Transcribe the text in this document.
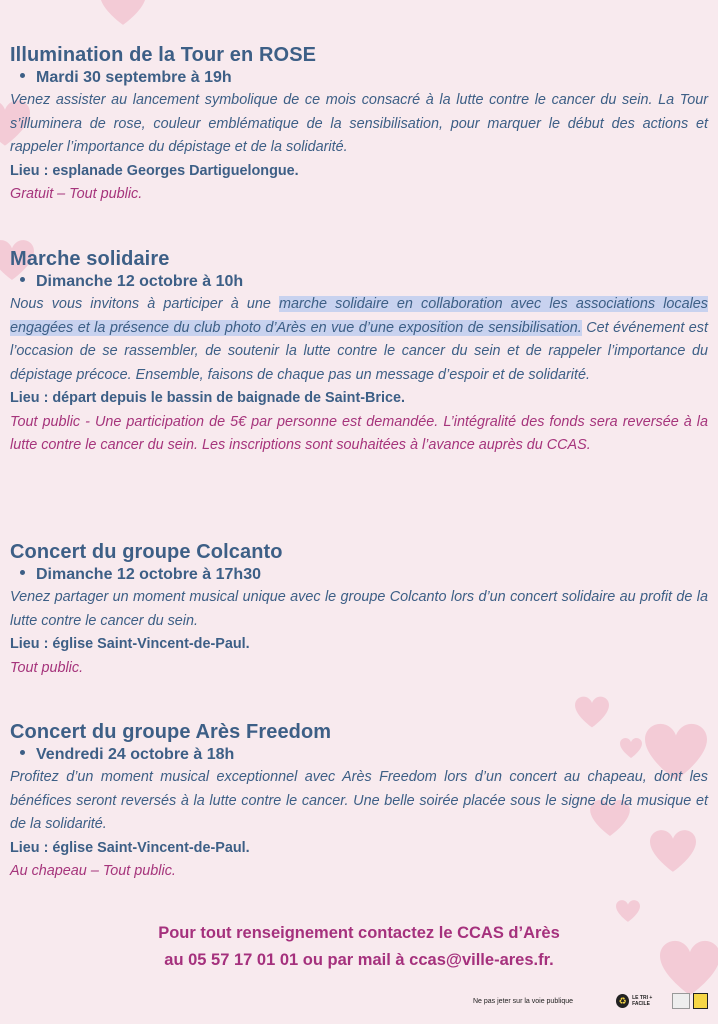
Illumination de la Tour en ROSE
Mardi 30 septembre à 19h

Venez assister au lancement symbolique de ce mois consacré à la lutte contre le cancer du sein. La Tour s’illuminera de rose, couleur emblématique de la sensibilisation, pour marquer le début des actions et rappeler l’importance du dépistage et de la solidarité.

Lieu : esplanade Georges Dartiguelongue.

Gratuit – Tout public.

Marche solidaire
Dimanche 12 octobre à 10h

Nous vous invitons à participer à une marche solidaire en collaboration avec les associations locales engagées et la présence du club photo d’Arès en vue d’une exposition de sensibilisation. Cet événement est l’occasion de se rassembler, de soutenir la lutte contre le cancer du sein et de rappeler l’importance du dépistage précoce. Ensemble, faisons de chaque pas un message d’espoir et de solidarité.

Lieu : départ depuis le bassin de baignade de Saint-Brice.

Tout public - Une participation de 5€ par personne est demandée. L’intégralité des fonds sera reversée à la lutte contre le cancer du sein. Les inscriptions sont souhaitées à l’avance auprès du CCAS.

Concert du groupe Colcanto
Dimanche 12 octobre à 17h30

Venez partager un moment musical unique avec le groupe Colcanto lors d’un concert solidaire au profit de la lutte contre le cancer du sein.

Lieu : église Saint-Vincent-de-Paul.

Tout public.

Concert du groupe Arès Freedom
Vendredi 24 octobre à 18h

Profitez d’un moment musical exceptionnel avec Arès Freedom lors d’un concert au chapeau, dont les bénéfices seront reversés à la lutte contre le cancer. Une belle soirée placée sous le signe de la musique et de la solidarité.

Lieu : église Saint-Vincent-de-Paul.

Au chapeau – Tout public.

Pour tout renseignement contactez le CCAS d’Arès
au 05 57 17 01 01 ou par mail à ccas@ville-ares.fr.
Ne pas jeter sur la voie publique	♻	LE TRI + FACILE
